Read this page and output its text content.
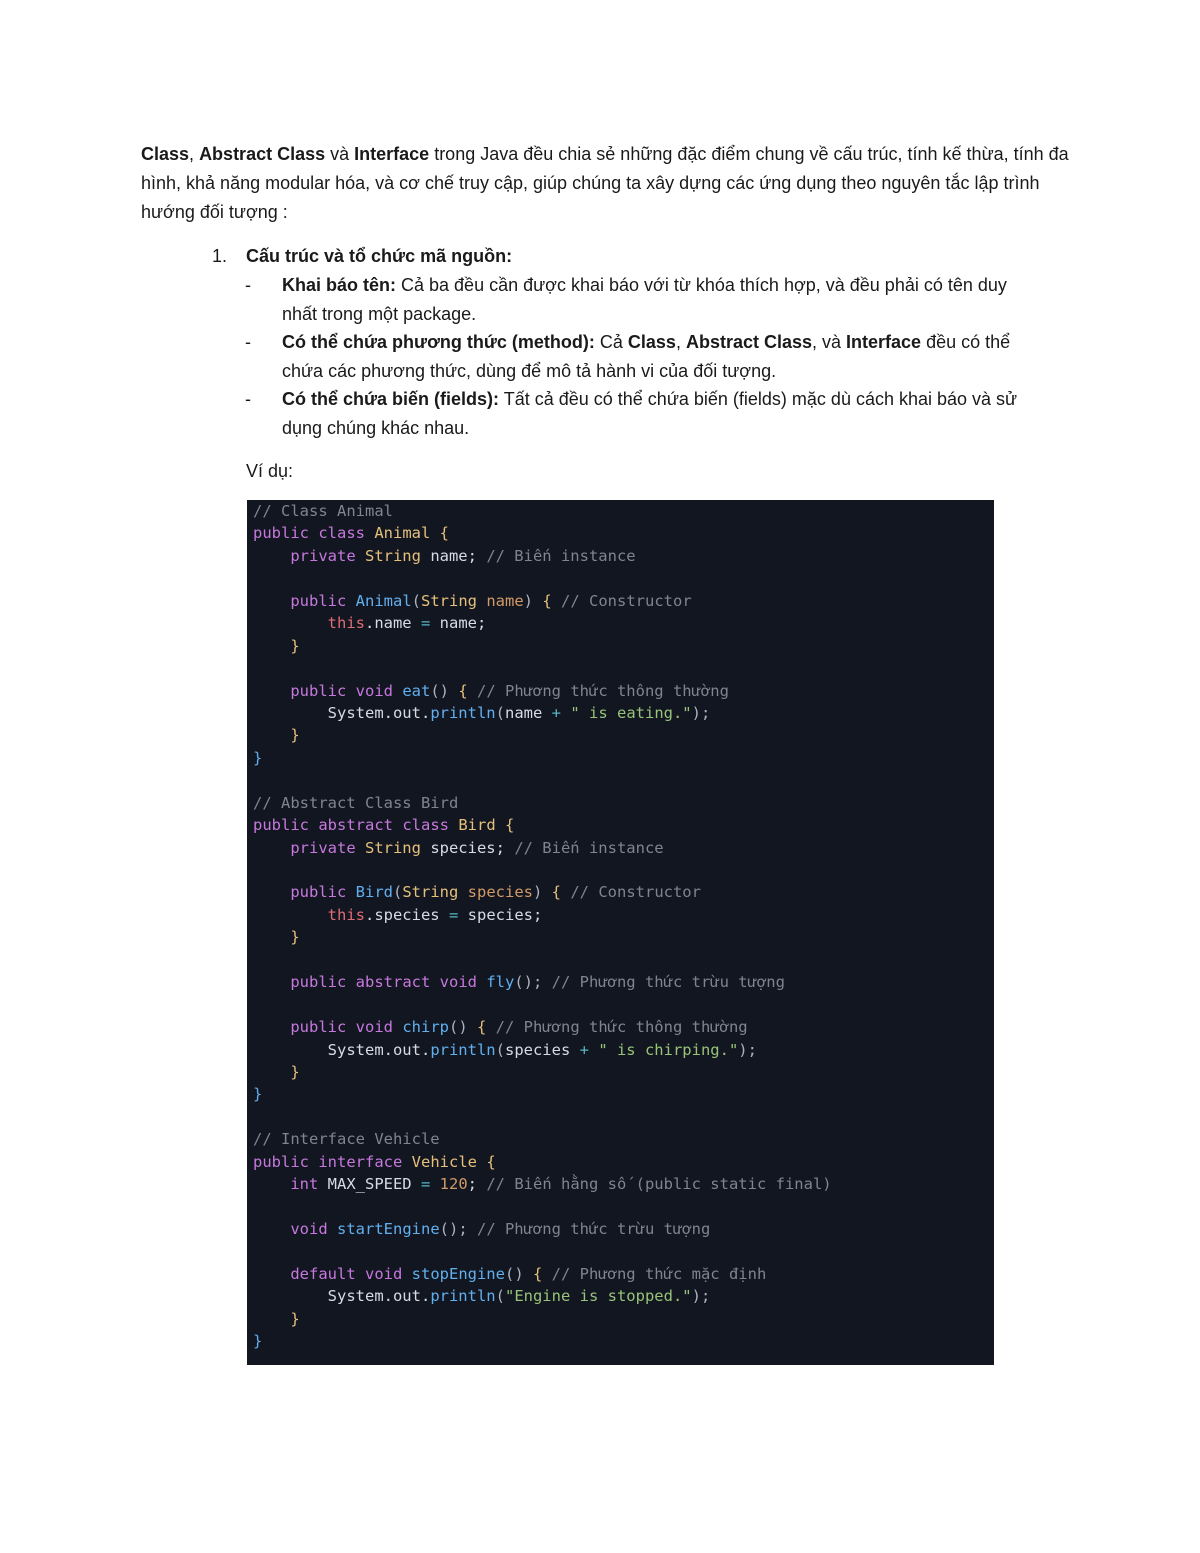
Class, Abstract Class và Interface trong Java đều chia sẻ những đặc điểm chung về cấu trúc, tính kế thừa, tính đa hình, khả năng modular hóa, và cơ chế truy cập, giúp chúng ta xây dựng các ứng dụng theo nguyên tắc lập trình hướng đối tượng :

1.	Cấu trúc và tổ chức mã nguồn:
- Khai báo tên: Cả ba đều cần được khai báo với từ khóa thích hợp, và đều phải có tên duy nhất trong một package.
- Có thể chứa phương thức (method): Cả Class, Abstract Class, và Interface đều có thể chứa các phương thức, dùng để mô tả hành vi của đối tượng.
- Có thể chứa biến (fields): Tất cả đều có thể chứa biến (fields) mặc dù cách khai báo và sử dụng chúng khác nhau.

Ví dụ:

// Class Animal
public class Animal {
private String name; // Biến instance

public Animal(String name) { // Constructor
this.name = name;
}

public void eat() { // Phương thức thông thường
System.out.println(name + " is eating.");
}
}

// Abstract Class Bird
public abstract class Bird {
private String species; // Biến instance

public Bird(String species) { // Constructor
this.species = species;
}

public abstract void fly(); // Phương thức trừu tượng

public void chirp() { // Phương thức thông thường
System.out.println(species + " is chirping.");
}
}

// Interface Vehicle
public interface Vehicle {
int MAX_SPEED = 120; // Biến hằng số (public static final)

void startEngine(); // Phương thức trừu tượng

default void stopEngine() { // Phương thức mặc định
System.out.println("Engine is stopped.");
}
}
